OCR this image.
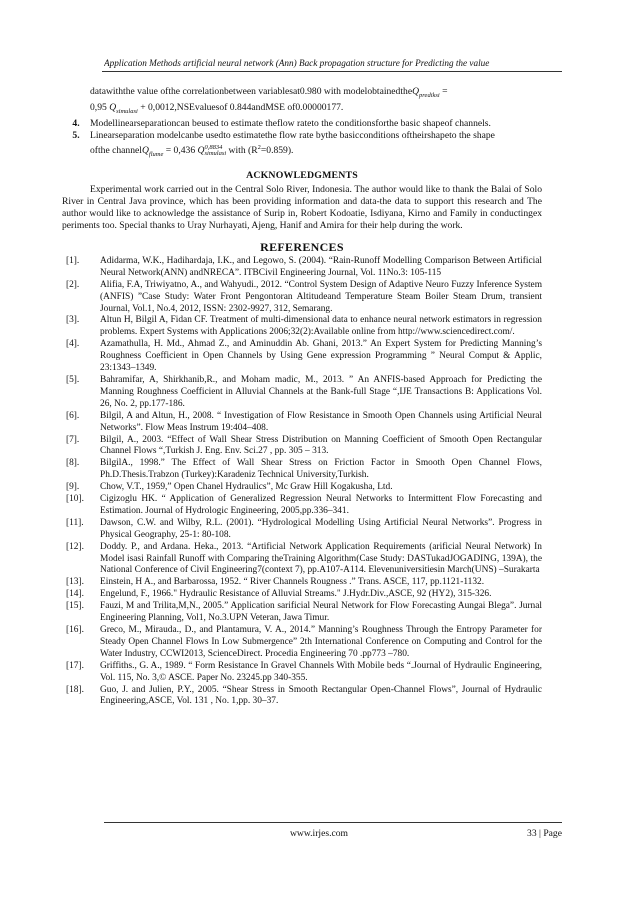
Application Methods artificial neural network (Ann) Back propagation structure for Predicting the value
datawiththe value ofthe correlationbetween variablesat0.980 with modelobtainedtheQ$_{prediksi}$ =
0,95 $Q_{simulasi}$ + 0,0012,NSEvaluesof 0.844andMSE of0.00000177.
4.	Modellinearseparationcan beused to estimate theflow rateto the conditionsforthe basic shapeof channels.
5.	Linearseparation modelcanbe usedto estimatethe flow rate bythe basicconditions oftheirshapeto the shape
ofthe channelQ$_{flume}$ = 0,436 Q 0,8834
simulasi with $(R^2=0.859)$.
ACKNOWLEDGMENTS
Experimental work carried out in the Central Solo River, Indonesia. The author would like to thank the Balai of Solo River in Central Java province, which has been providing information and data-the data to support this research and The author would like to acknowledge the assistance of Surip in, Robert Kodoatie, Isdiyana, Kirno and Family in conductingex periments too. Special thanks to Uray Nurhayati, Ajeng, Hanif and Amira for their help during the work.
REFERENCES
[1].	Adidarma, W.K., Hadihardaja, I.K., and Legowo, S. (2004). “Rain-Runoff Modelling Comparison Between Artificial Neural Network(ANN) andNRECA”. ITBCivil Engineering Journal, Vol. 11No.3: 105-115
[2].	Alifia, F.A, Triwiyatno, A., and Wahyudi., 2012. “Control System Design of Adaptive Neuro Fuzzy Inference System (ANFIS) ”Case Study: Water Front Pengontoran Altitudeand Temperature Steam Boiler Steam Drum, transient Journal, Vol.1, No.4, 2012, ISSN: 2302-9927, 312, Semarang.
[3].	Altun H, Bilgil A, Fidan CF. Treatment of multi-dimensional data to enhance neural network estimators in regression problems. Expert Systems with Applications 2006;32(2):Available online from http://www.sciencedirect.com/.
[4].	Azamathulla, H. Md., Ahmad Z., and Aminuddin Ab. Ghani, 2013.” An Expert System for Predicting Manning’s Roughness Coefficient in Open Channels by Using Gene expression Programming ” Neural Comput & Applic, 23:1343–1349.
[5].	Bahramifar, A, Shirkhanib,R., and Moham madic, M., 2013. ” An ANFIS-based Approach for Predicting the Manning Roughness Coefficient in Alluvial Channels at the Bank-full Stage “,IJE Transactions B: Applications Vol. 26, No. 2, pp.177-186.
[6].	Bilgil, A and Altun, H., 2008. “ Investigation of Flow Resistance in Smooth Open Channels using Artificial Neural Networks”. Flow Meas Instrum 19:404–408.
[7].	Bilgil, A., 2003. “Effect of Wall Shear Stress Distribution on Manning Coefficient of Smooth Open Rectangular Channel Flows “,Turkish J. Eng. Env. Sci.27 , pp. 305 – 313.
[8].	BilgilA., 1998.” The Effect of Wall Shear Stress on Friction Factor in Smooth Open Channel Flows, Ph.D.Thesis.Trabzon (Turkey):Karadeniz Technical University,Turkish.
[9].	Chow, V.T., 1959,” Open Chanel Hydraulics”, Mc Graw Hill Kogakusha, Ltd.
[10].	Cigizoglu HK. “ Application of Generalized Regression Neural Networks to Intermittent Flow Forecasting and Estimation. Journal of Hydrologic Engineering, 2005,pp.336–341.
[11].	Dawson, C.W. and Wilby, R.L. (2001). “Hydrological Modelling Using Artificial Neural Networks”. Progress in Physical Geography, 25-1: 80-108.
[12].	Doddy. P., and Ardana. Heka., 2013. “Artificial Network Application Requirements (arificial Neural Network) In Model isasi Rainfall Runoff with Comparing theTraining Algorithm(Case Study: DASTukadJOGADING, 139A), the National Conference of Civil Engineering7(context 7), pp.A107-A114. Elevenuniversitiesin March(UNS) –Surakarta
[13].	Einstein, H A., and Barbarossa, 1952. “ River Channels Rougness .” Trans. ASCE, 117, pp.1121-1132.
[14].	Engelund, F., 1966." Hydraulic Resistance of Alluvial Streams." J.Hydr.Div.,ASCE, 92 (HY2), 315-326.
[15].	Fauzi, M and Trilita,M,N., 2005.” Application sarificial Neural Network for Flow Forecasting Aungai Blega”. Jurnal Engineering Planning, Vol1, No.3.UPN Veteran, Jawa Timur.
[16].	Greco, M., Mirauda., D., and Plantamura, V. A., 2014.” Manning’s Roughness Through the Entropy Parameter for Steady Open Channel Flows In Low Submergence” 2th International Conference on Computing and Control for the Water Industry, CCWI2013, ScienceDirect. Procedia Engineering 70 .pp773 –780.
[17].	Griffiths., G. A., 1989. “ Form Resistance In Gravel Channels With Mobile beds “.Journal of Hydraulic Engineering, Vol. 115, No. 3,© ASCE. Paper No. 23245.pp 340-355.
[18].	Guo, J. and Julien, P.Y., 2005. “Shear Stress in Smooth Rectangular Open-Channel Flows”, Journal of Hydraulic Engineering,ASCE, Vol. 131 , No. 1,pp. 30–37.
www.irjes.com	33 | Page
